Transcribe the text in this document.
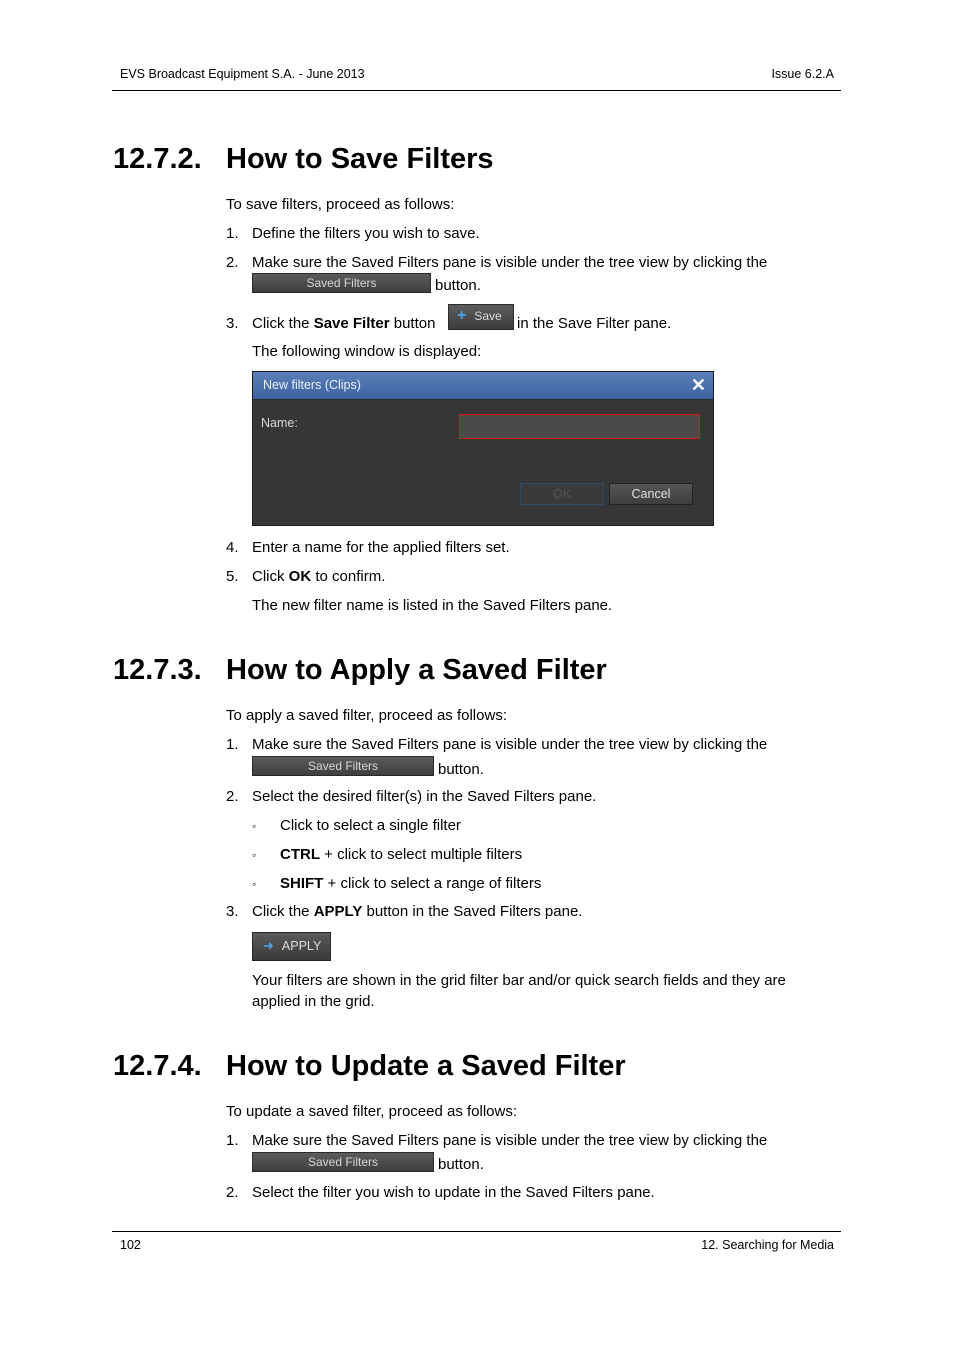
EVS Broadcast Equipment S.A. - June 2013	Issue 6.2.A
12.7.2. How to Save Filters
To save filters, proceed as follows:
1. Define the filters you wish to save.
2. Make sure the Saved Filters pane is visible under the tree view by clicking the
Saved Filters	button.
3. Click the Save Filter button	+ Save	in the Save Filter pane.
The following window is displayed:
New filters (Clips)	✕
Name:
OK	Cancel
4. Enter a name for the applied filters set.
5. Click OK to confirm.
The new filter name is listed in the Saved Filters pane.
12.7.3. How to Apply a Saved Filter
To apply a saved filter, proceed as follows:
1. Make sure the Saved Filters pane is visible under the tree view by clicking the
Saved Filters	button.
2. Select the desired filter(s) in the Saved Filters pane.
◦ Click to select a single filter
◦ CTRL + click to select multiple filters
◦ SHIFT + click to select a range of filters
3. Click the APPLY button in the Saved Filters pane.
➜ APPLY
Your filters are shown in the grid filter bar and/or quick search fields and they are
applied in the grid.
12.7.4. How to Update a Saved Filter
To update a saved filter, proceed as follows:
1. Make sure the Saved Filters pane is visible under the tree view by clicking the
Saved Filters	button.
2. Select the filter you wish to update in the Saved Filters pane.
102	12. Searching for Media
